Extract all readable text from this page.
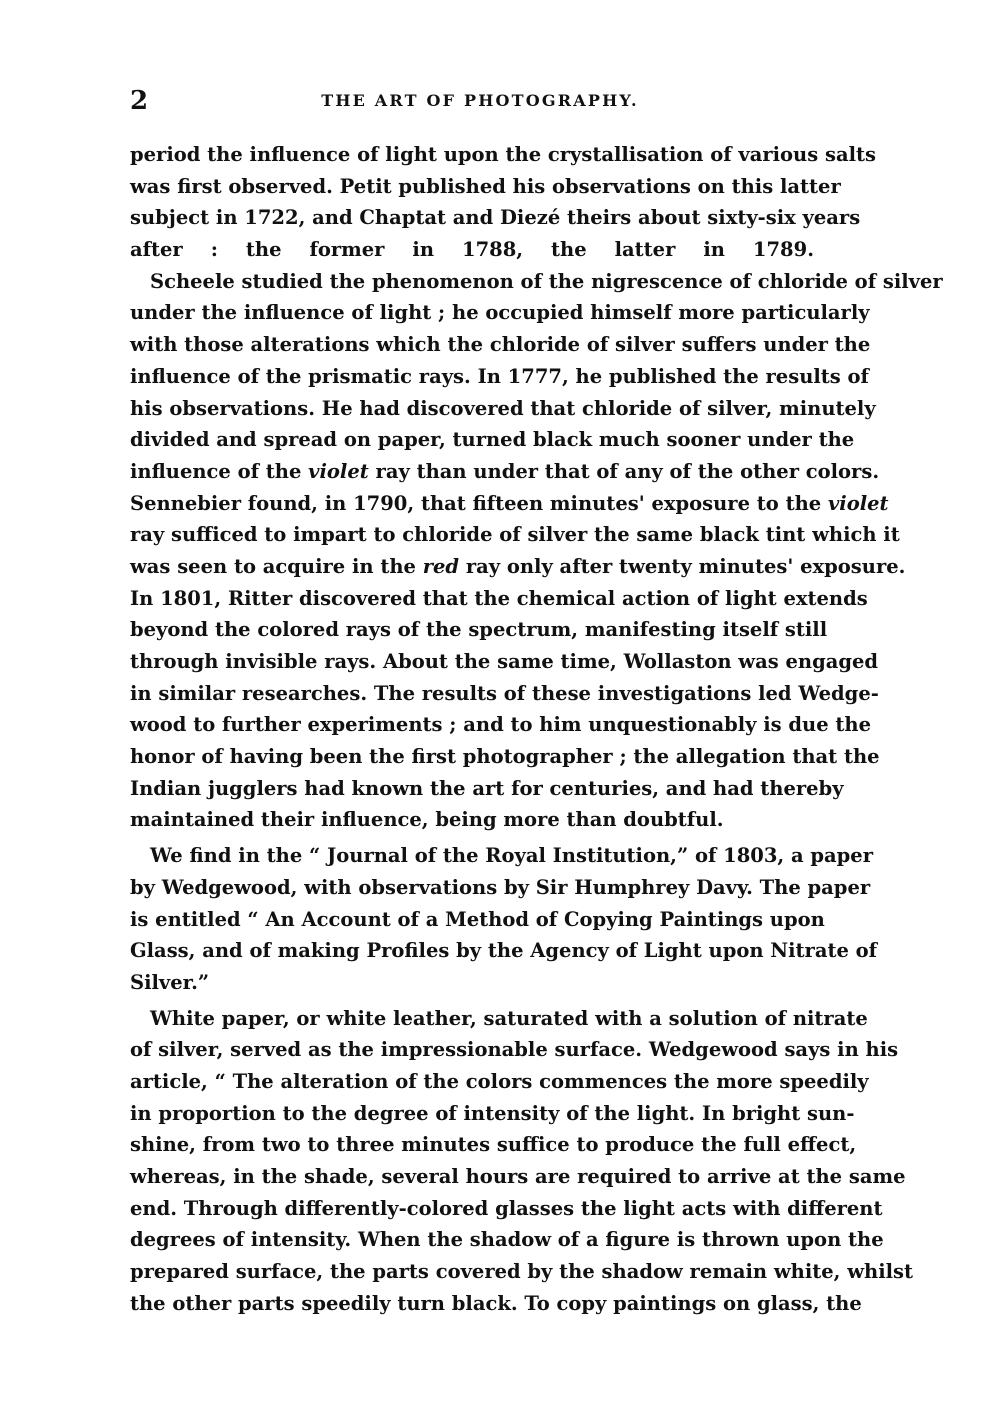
2	THE ART OF PHOTOGRAPHY.
period the influence of light upon the crystallisation of various salts
was first observed. Petit published his observations on this latter
subject in 1722, and Chaptat and Diezé theirs about sixty-six years
after : the former in 1788, the latter in 1789.
Scheele studied the phenomenon of the nigrescence of chloride of silver
under the influence of light ; he occupied himself more particularly
with those alterations which the chloride of silver suffers under the
influence of the prismatic rays. In 1777, he published the results of
his observations. He had discovered that chloride of silver, minutely
divided and spread on paper, turned black much sooner under the
influence of the violet ray than under that of any of the other colors.
Sennebier found, in 1790, that fifteen minutes' exposure to the violet
ray sufficed to impart to chloride of silver the same black tint which it
was seen to acquire in the red ray only after twenty minutes' exposure.
In 1801, Ritter discovered that the chemical action of light extends
beyond the colored rays of the spectrum, manifesting itself still
through invisible rays. About the same time, Wollaston was engaged
in similar researches. The results of these investigations led Wedge-
wood to further experiments ; and to him unquestionably is due the
honor of having been the first photographer ; the allegation that the
Indian jugglers had known the art for centuries, and had thereby
maintained their influence, being more than doubtful.
We find in the “ Journal of the Royal Institution,” of 1803, a paper
by Wedgewood, with observations by Sir Humphrey Davy. The paper
is entitled “ An Account of a Method of Copying Paintings upon
Glass, and of making Profiles by the Agency of Light upon Nitrate of
Silver.”
White paper, or white leather, saturated with a solution of nitrate
of silver, served as the impressionable surface. Wedgewood says in his
article, “ The alteration of the colors commences the more speedily
in proportion to the degree of intensity of the light. In bright sun-
shine, from two to three minutes suffice to produce the full effect,
whereas, in the shade, several hours are required to arrive at the same
end. Through differently-colored glasses the light acts with different
degrees of intensity. When the shadow of a figure is thrown upon the
prepared surface, the parts covered by the shadow remain white, whilst
the other parts speedily turn black. To copy paintings on glass, the
